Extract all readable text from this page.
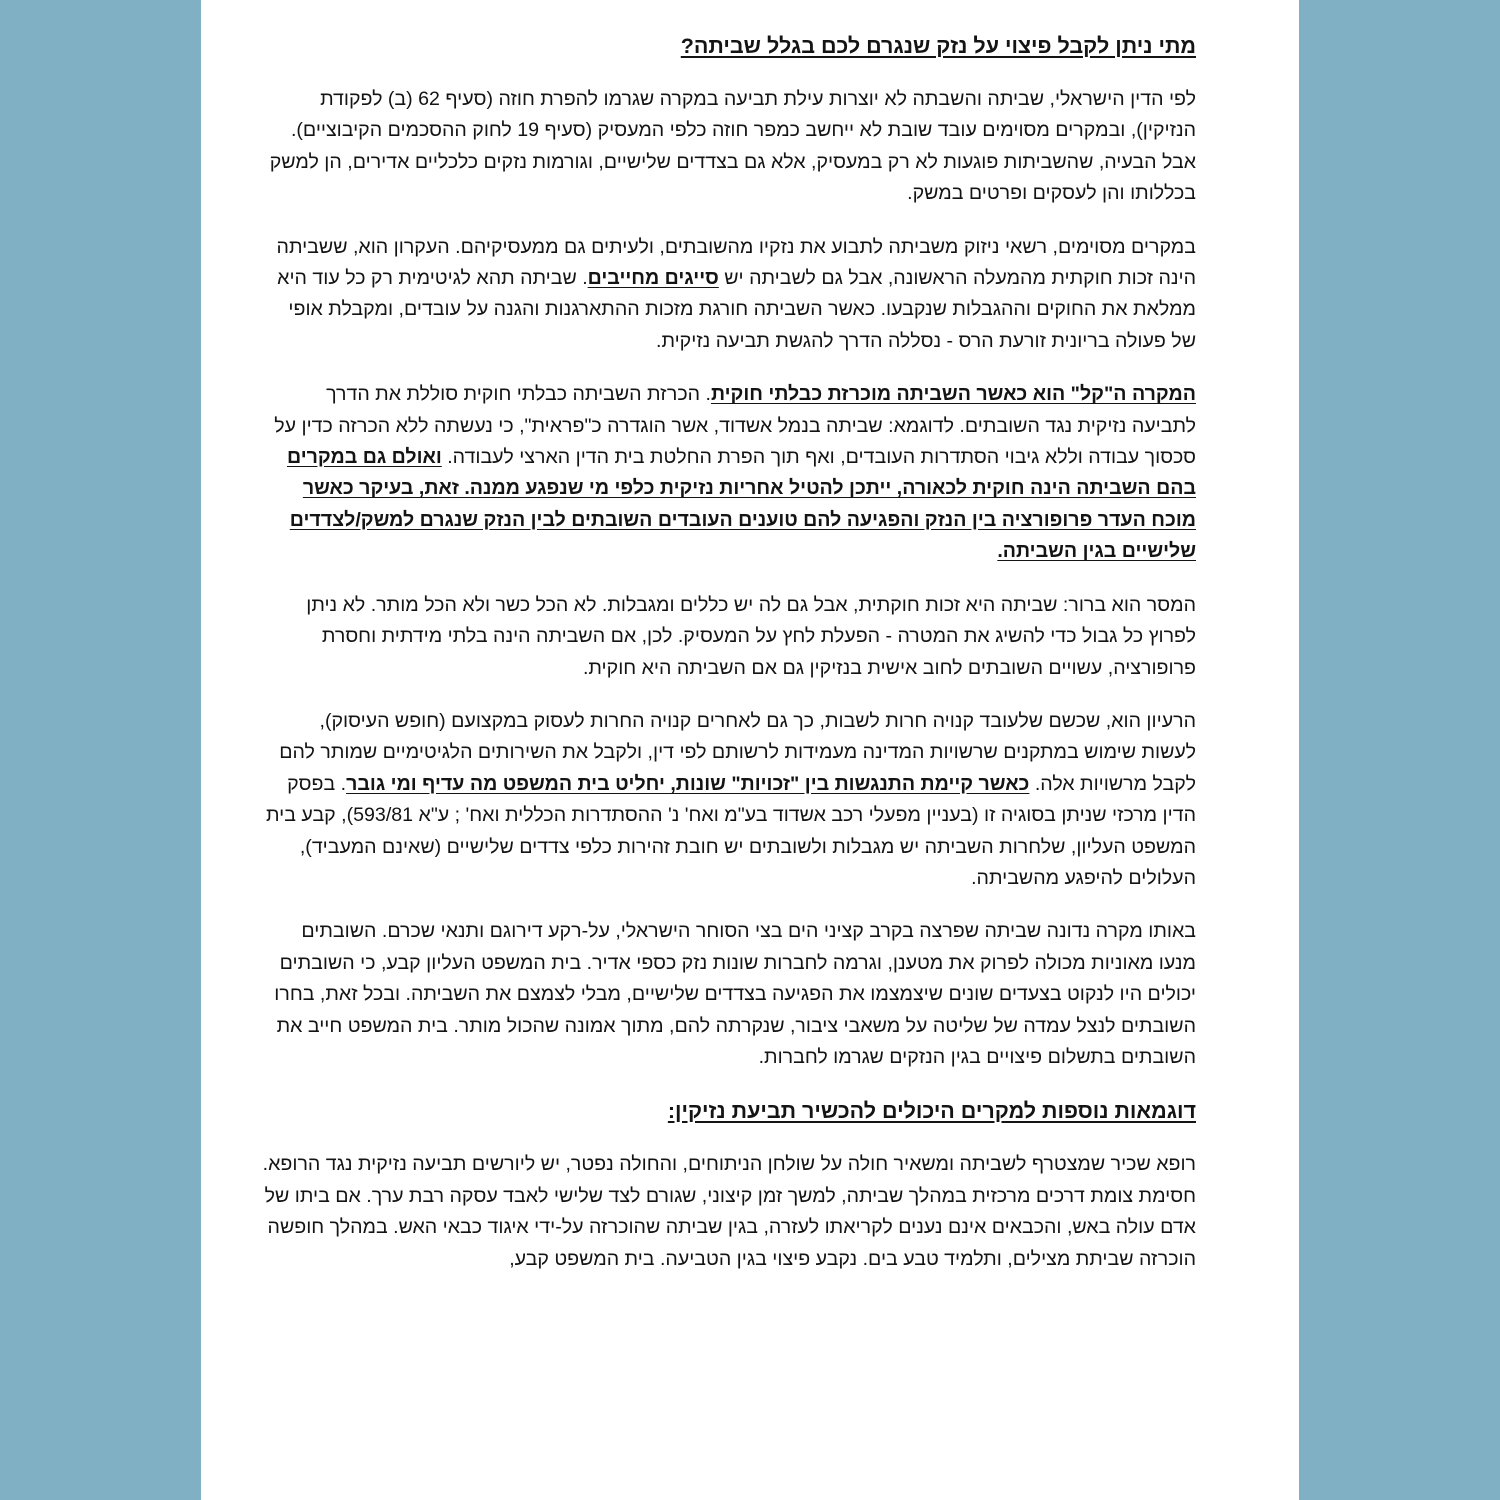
מתי ניתן לקבל פיצוי על נזק שנגרם לכם בגלל שביתה?

לפי הדין הישראלי, שביתה והשבתה לא יוצרות עילת תביעה במקרה שגרמו להפרת חוזה (סעיף 62 (ב) לפקודת הנזיקין), ובמקרים מסוימים עובד שובת לא ייחשב כמפר חוזה כלפי המעסיק (סעיף 19 לחוק ההסכמים הקיבוציים). אבל הבעיה, שהשביתות פוגעות לא רק במעסיק, אלא גם בצדדים שלישיים, וגורמות נזקים כלכליים אדירים, הן למשק בכללותו והן לעסקים ופרטים במשק.

במקרים מסוימים, רשאי ניזוק משביתה לתבוע את נזקיו מהשובתים, ולעיתים גם ממעסיקיהם. העקרון הוא, ששביתה הינה זכות חוקתית מהמעלה הראשונה, אבל גם לשביתה יש סייגים מחייבים. שביתה תהא לגיטימית רק כל עוד היא ממלאת את החוקים וההגבלות שנקבעו. כאשר השביתה חורגת מזכות ההתארגנות והגנה על עובדים, ומקבלת אופי של פעולה בריונית זורעת הרס - נסללה הדרך להגשת תביעה נזיקית.

המקרה ה"קל" הוא כאשר השביתה מוכרזת כבלתי חוקית. הכרזת השביתה כבלתי חוקית סוללת את הדרך לתביעה נזיקית נגד השובתים. לדוגמא: שביתה בנמל אשדוד, אשר הוגדרה כ"פראית", כי נעשתה ללא הכרזה כדין על סכסוך עבודה וללא גיבוי הסתדרות העובדים, ואף תוך הפרת החלטת בית הדין הארצי לעבודה. ואולם גם במקרים בהם השביתה הינה חוקית לכאורה, ייתכן להטיל אחריות נזיקית כלפי מי שנפגע ממנה. זאת, בעיקר כאשר מוכח העדר פרופורציה בין הנזק והפגיעה להם טוענים העובדים השובתים לבין הנזק שנגרם למשק/לצדדים שלישיים בגין השביתה.

המסר הוא ברור: שביתה היא זכות חוקתית, אבל גם לה יש כללים ומגבלות. לא הכל כשר ולא הכל מותר. לא ניתן לפרוץ כל גבול כדי להשיג את המטרה - הפעלת לחץ על המעסיק. לכן, אם השביתה הינה בלתי מידתית וחסרת פרופורציה, עשויים השובתים לחוב אישית בנזיקין גם אם השביתה היא חוקית.

הרעיון הוא, שכשם שלעובד קנויה חרות לשבות, כך גם לאחרים קנויה החרות לעסוק במקצועם (חופש העיסוק), לעשות שימוש במתקנים שרשויות המדינה מעמידות לרשותם לפי דין, ולקבל את השירותים הלגיטימיים שמותר להם לקבל מרשויות אלה. כאשר קיימת התנגשות בין "זכויות" שונות, יחליט בית המשפט מה עדיף ומי גובר. בפסק הדין מרכזי שניתן בסוגיה זו (בעניין מפעלי רכב אשדוד בע"מ ואח' נ' ההסתדרות הכללית ואח' ; ע"א 593/81), קבע בית המשפט העליון, שלחרות השביתה יש מגבלות ולשובתים יש חובת זהירות כלפי צדדים שלישיים (שאינם המעביד), העלולים להיפגע מהשביתה.

באותו מקרה נדונה שביתה שפרצה בקרב קציני הים בצי הסוחר הישראלי, על-רקע דירוגם ותנאי שכרם. השובתים מנעו מאוניות מכולה לפרוק את מטענן, וגרמה לחברות שונות נזק כספי אדיר. בית המשפט העליון קבע, כי השובתים יכולים היו לנקוט בצעדים שונים שיצמצמו את הפגיעה בצדדים שלישיים, מבלי לצמצם את השביתה. ובכל זאת, בחרו השובתים לנצל עמדה של שליטה על משאבי ציבור, שנקרתה להם, מתוך אמונה שהכול מותר. בית המשפט חייב את השובתים בתשלום פיצויים בגין הנזקים שגרמו לחברות.

דוגמאות נוספות למקרים היכולים להכשיר תביעת נזיקין:

רופא שכיר שמצטרף לשביתה ומשאיר חולה על שולחן הניתוחים, והחולה נפטר, יש ליורשים תביעה נזיקית נגד הרופא. חסימת צומת דרכים מרכזית במהלך שביתה, למשך זמן קיצוני, שגורם לצד שלישי לאבד עסקה רבת ערך. אם ביתו של אדם עולה באש, והכבאים אינם נענים לקריאתו לעזרה, בגין שביתה שהוכרזה על-ידי איגוד כבאי האש. במהלך חופשה הוכרזה שביתת מצילים, ותלמיד טבע בים. נקבע פיצוי בגין הטביעה. בית המשפט קבע,
